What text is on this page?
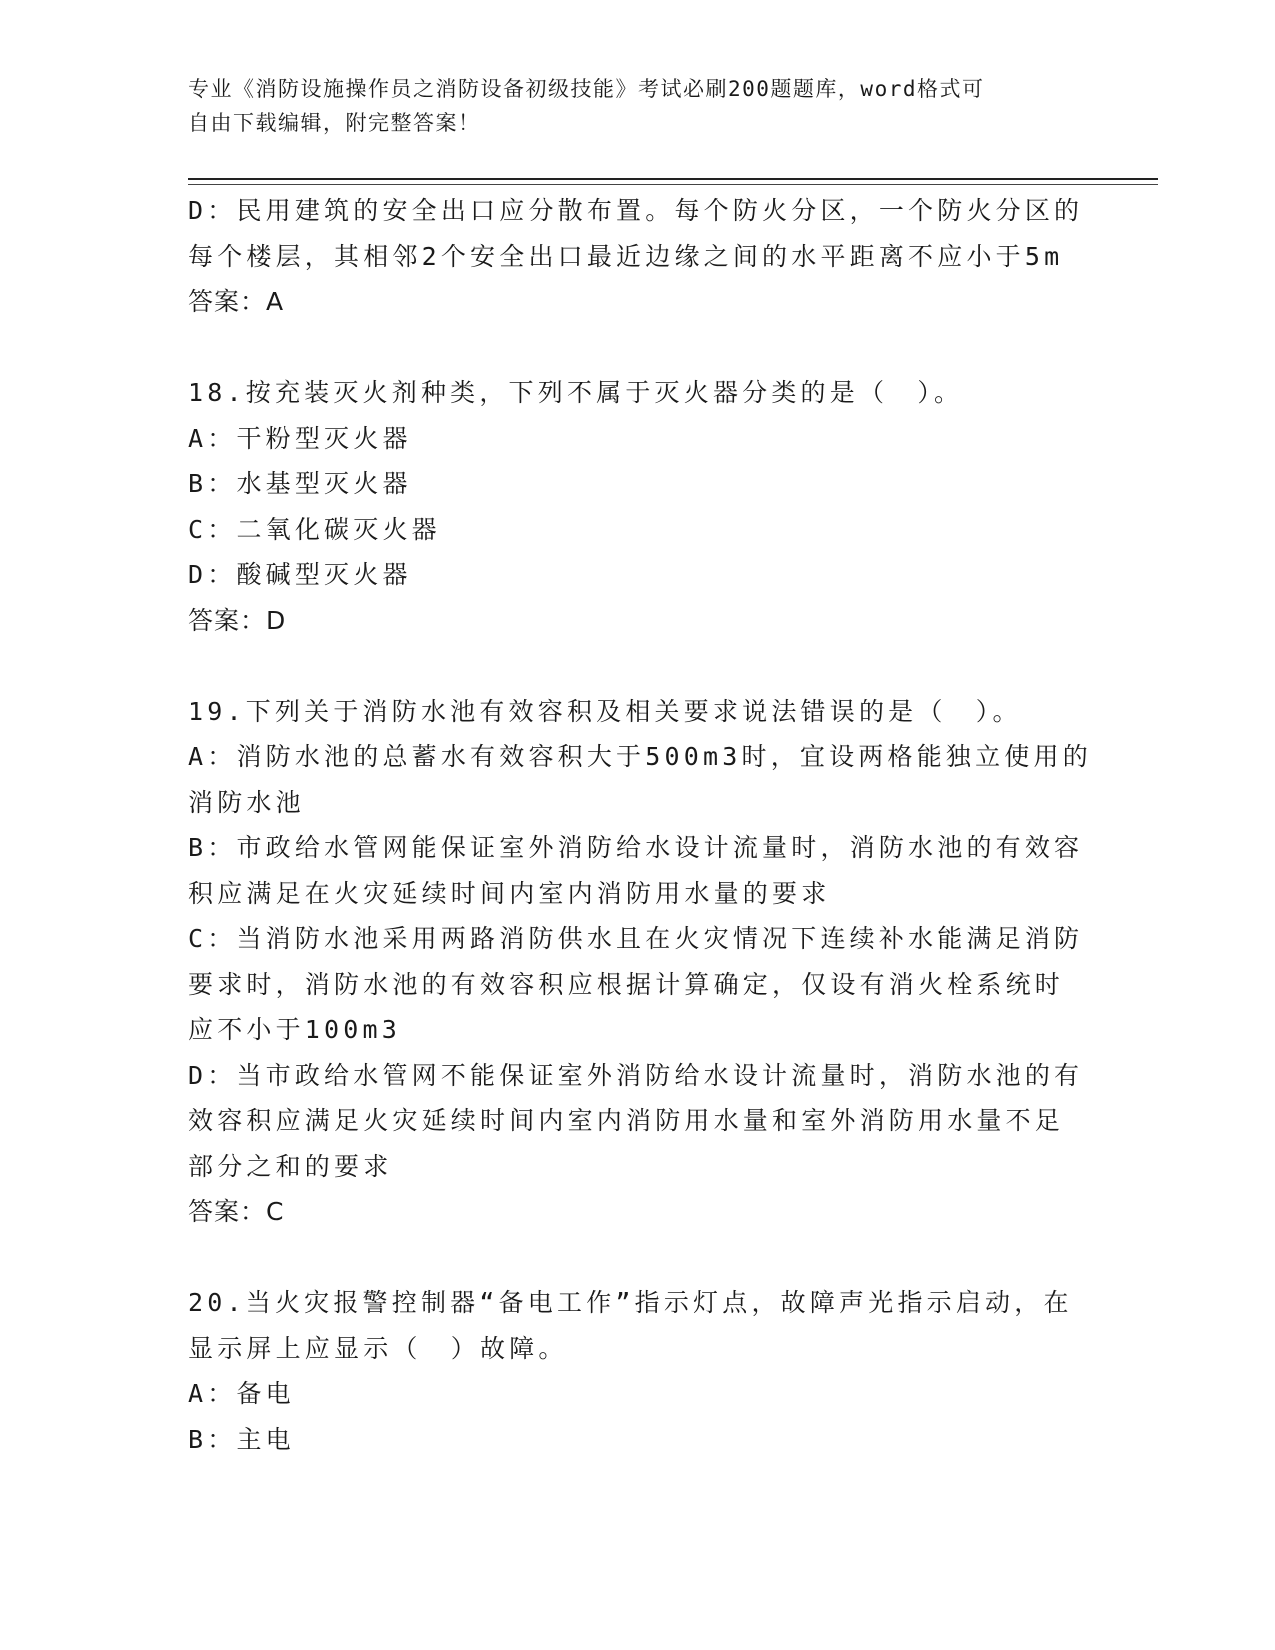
专业《消防设施操作员之消防设备初级技能》考试必刷200题题库，word格式可
自由下载编辑，附完整答案！
D：民用建筑的安全出口应分散布置。每个防火分区，一个防火分区的
每个楼层，其相邻2个安全出口最近边缘之间的水平距离不应小于5m
答案：A
18.按充装灭火剂种类，下列不属于灭火器分类的是（　）。
A：干粉型灭火器
B：水基型灭火器
C：二氧化碳灭火器
D：酸碱型灭火器
答案：D
19.下列关于消防水池有效容积及相关要求说法错误的是（　）。
A：消防水池的总蓄水有效容积大于500m3时，宜设两格能独立使用的
消防水池
B：市政给水管网能保证室外消防给水设计流量时，消防水池的有效容
积应满足在火灾延续时间内室内消防用水量的要求
C：当消防水池采用两路消防供水且在火灾情况下连续补水能满足消防
要求时，消防水池的有效容积应根据计算确定，仅设有消火栓系统时
应不小于100m3
D：当市政给水管网不能保证室外消防给水设计流量时，消防水池的有
效容积应满足火灾延续时间内室内消防用水量和室外消防用水量不足
部分之和的要求
答案：C
20.当火灾报警控制器“备电工作”指示灯点，故障声光指示启动，在
显示屏上应显示（　）故障。
A：备电
B：主电
